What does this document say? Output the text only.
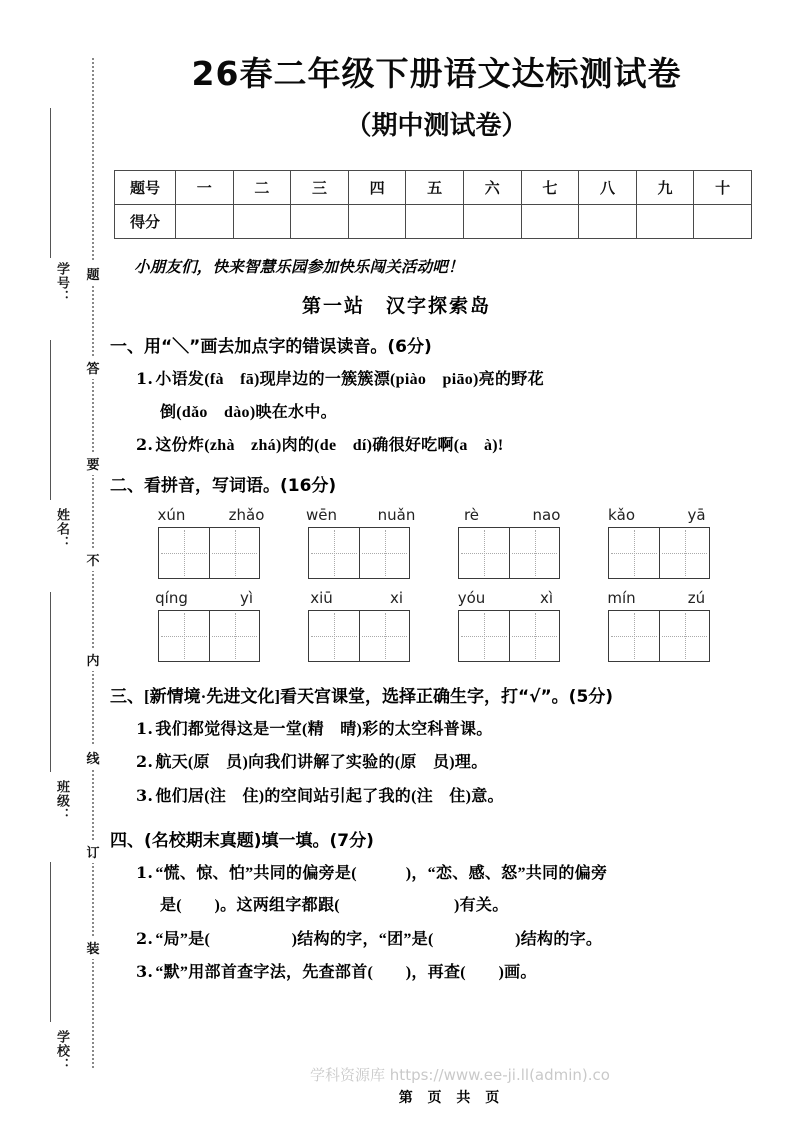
学号：
姓名：
班级：
学校：
题
答
要
不
内
线
订
装
26春二年级下册语文达标测试卷
（期中测试卷）
题号	一	二	三	四	五	六	七	八	九	十
得分										
小朋友们，快来智慧乐园参加快乐闯关活动吧！
第一站　汉字探索岛
一、用“＼”画去加点字的错误读音。(6分)
1. 小语发(fà　fā)现岸边的一簇簇漂(piào　piāo)亮的野花
倒(dǎo　dào)映在水中。
2. 这份炸(zhà　zhá)肉的(de　dí)确很好吃啊(a　à)!
二、看拼音，写词语。(16分)
xún	zhǎo	wēn	nuǎn	rè	nao	kǎo	yā
qíng	yì	xiū	xi	yóu	xì	mín	zú
三、[新情境·先进文化]看天宫课堂，选择正确生字，打“√”。(5分)
1. 我们都觉得这是一堂(精　晴)彩的太空科普课。
2. 航天(原　员)向我们讲解了实验的(原　员)理。
3. 他们居(注　住)的空间站引起了我的(注　住)意。
四、(名校期末真题)填一填。(7分)
1. “慌、惊、怕”共同的偏旁是(　　　)，“恋、感、怒”共同的偏旁
是(　　)。这两组字都跟(　　　　　　　)有关。
2. “局”是(　　　　　)结构的字，“团”是(　　　　　)结构的字。
3. “默”用部首查字法，先查部首(　　)，再查(　　)画。
学科资源库 https://www.ee-ji.ll(admin).co
第 页 共 页
